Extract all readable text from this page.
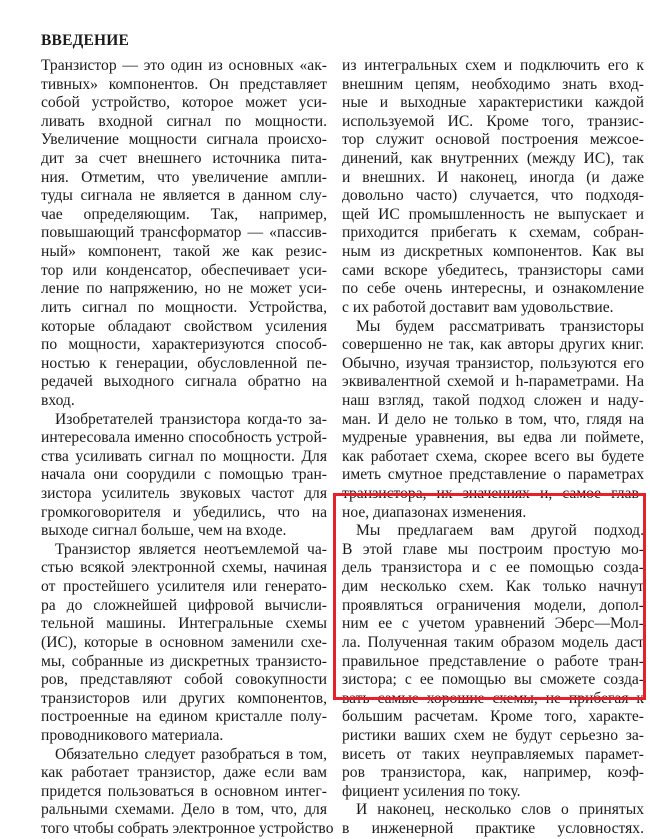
ВВЕДЕНИЕ
Транзистор — это один из основных «ак-
тивных» компонентов. Он представляет
собой устройство, которое может уси-
ливать входной сигнал по мощности.
Увеличение мощности сигнала происхо-
дит за счет внешнего источника пита-
ния. Отметим, что увеличение ампли-
туды сигнала не является в данном слу-
чае определяющим. Так, например,
повышающий трансформатор — «пассив-
ный» компонент, такой же как резис-
тор или конденсатор, обеспечивает уси-
ление по напряжению, но не может уси-
лить сигнал по мощности. Устройства,
которые обладают свойством усиления
по мощности, характеризуются способ-
ностью к генерации, обусловленной пе-
редачей выходного сигнала обратно на
вход.
Изобретателей транзистора когда-то за-
интересовала именно способность устрой-
ства усиливать сигнал по мощности. Для
начала они соорудили с помощью тран-
зистора усилитель звуковых частот для
громкоговорителя и убедились, что на
выходе сигнал больше, чем на входе.
Транзистор является неотъемлемой ча-
стью всякой электронной схемы, начиная
от простейшего усилителя или генерато-
ра до сложнейшей цифровой вычисли-
тельной машины. Интегральные схемы
(ИС), которые в основном заменили схе-
мы, собранные из дискретных транзисто-
ров, представляют собой совокупности
транзисторов или других компонентов,
построенные на едином кристалле полу-
проводникового материала.
Обязательно следует разобраться в том,
как работает транзистор, даже если вам
придется пользоваться в основном интег-
ральными схемами. Дело в том, что, для
того чтобы собрать электронное устройство
из интегральных схем и подключить его к
внешним цепям, необходимо знать вход-
ные и выходные характеристики каждой
используемой ИС. Кроме того, транзис-
тор служит основой построения межсое-
динений, как внутренних (между ИС), так
и внешних. И наконец, иногда (и даже
довольно часто) случается, что подходя-
щей ИС промышленность не выпускает и
приходится прибегать к схемам, собран-
ным из дискретных компонентов. Как вы
сами вскоре убедитесь, транзисторы сами
по себе очень интересны, и ознакомление
с их работой доставит вам удовольствие.
Мы будем рассматривать транзисторы
совершенно не так, как авторы других книг.
Обычно, изучая транзистор, пользуются его
эквивалентной схемой и h-параметрами. На
наш взгляд, такой подход сложен и наду-
ман. И дело не только в том, что, глядя на
мудреные уравнения, вы едва ли поймете,
как работает схема, скорее всего вы будете
иметь смутное представление о параметрах
транзистора, их значениях и, самое глав-
ное, диапазонах изменения.
Мы предлагаем вам другой подход.
В этой главе мы построим простую мо-
дель транзистора и с ее помощью созда-
дим несколько схем. Как только начнут
проявляться ограничения модели, допол-
ним ее с учетом уравнений Эберс—Мол-
ла. Полученная таким образом модель даст
правильное представление о работе тран-
зистора; с ее помощью вы сможете созда-
вать самые хорошие схемы, не прибегая к
большим расчетам. Кроме того, характе-
ристики ваших схем не будут серьезно за-
висеть от таких неуправляемых парамет-
ров транзистора, как, например, коэф-
фициент усиления по току.
И наконец, несколько слов о принятых
в инженерной практике условностях.
